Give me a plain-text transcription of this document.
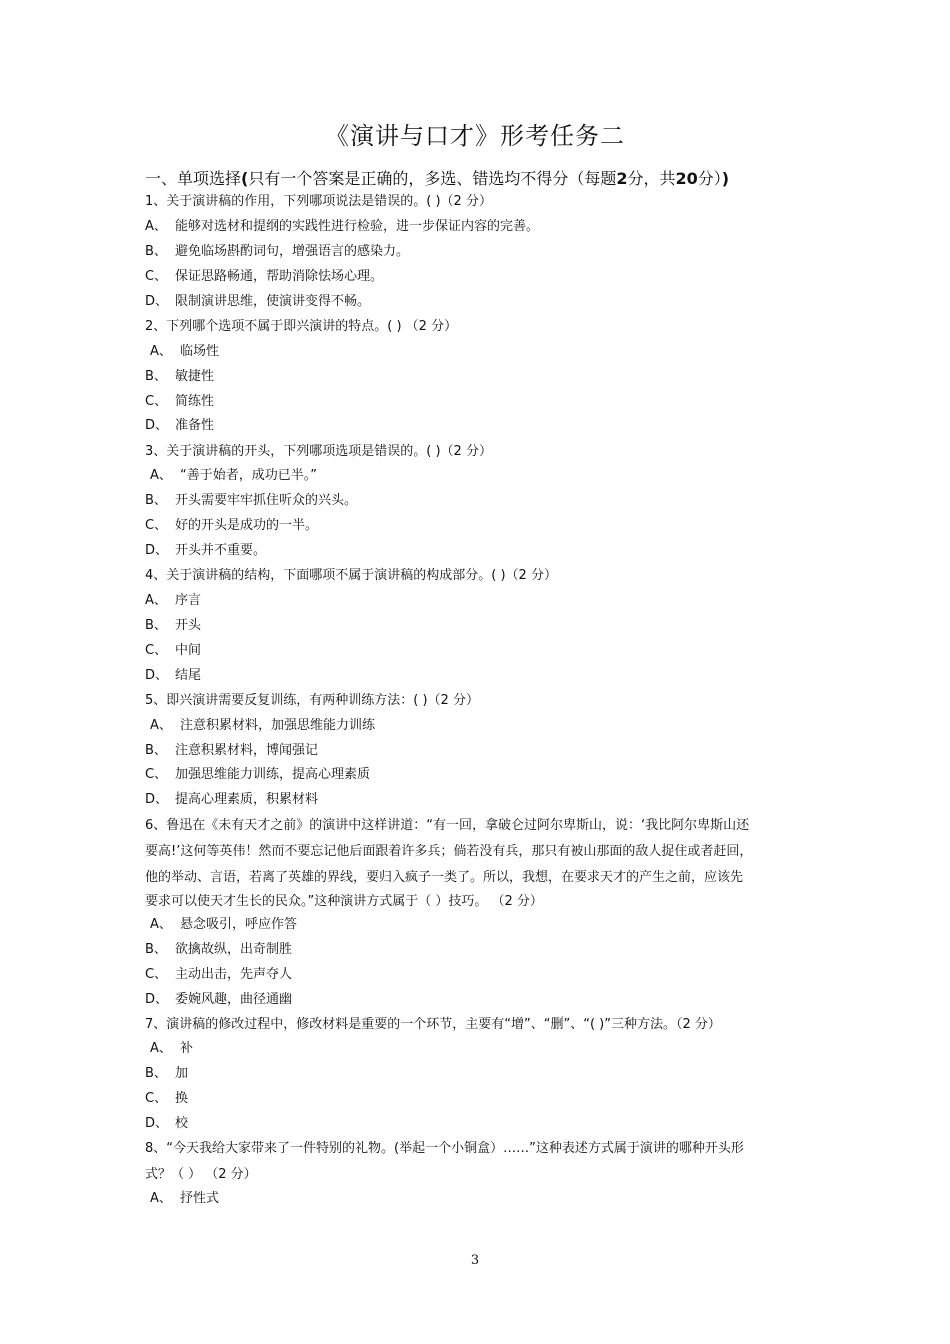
《演讲与口才》形考任务二
一、单项选择(只有一个答案是正确的，多选、错选均不得分（每题2分，共20分）)
1、关于演讲稿的作用，下列哪项说法是错误的。( )（2 分）
A、 能够对选材和提纲的实践性进行检验，进一步保证内容的完善。
B、 避免临场斟酌词句，增强语言的感染力。
C、 保证思路畅通，帮助消除怯场心理。
D、 限制演讲思维，使演讲变得不畅。
2、下列哪个选项不属于即兴演讲的特点。( ) （2 分）
A、 临场性
B、 敏捷性
C、 简练性
D、 准备性
3、关于演讲稿的开头，下列哪项选项是错误的。( )（2 分）
A、 “善于始者，成功已半。”
B、 开头需要牢牢抓住听众的兴头。
C、 好的开头是成功的一半。
D、 开头并不重要。
4、关于演讲稿的结构，下面哪项不属于演讲稿的构成部分。( )（2 分）
A、 序言
B、 开头
C、 中间
D、 结尾
5、即兴演讲需要反复训练，有两种训练方法：( )（2 分）
A、 注意积累材料，加强思维能力训练
B、 注意积累材料，博闻强记
C、 加强思维能力训练，提高心理素质
D、 提高心理素质，积累材料
6、鲁迅在《未有天才之前》的演讲中这样讲道：“有一回，拿破仑过阿尔卑斯山，说：‘我比阿尔卑斯山还
要高!’这何等英伟！然而不要忘记他后面跟着许多兵；倘若没有兵，那只有被山那面的敌人捉住或者赶回，
他的举动、言语，若离了英雄的界线，要归入疯子一类了。所以，我想，在要求天才的产生之前，应该先
要求可以使天才生长的民众。”这种演讲方式属于（ ）技巧。 （2 分）
A、 悬念吸引，呼应作答
B、 欲擒故纵，出奇制胜
C、 主动出击，先声夺人
D、 委婉风趣，曲径通幽
7、演讲稿的修改过程中，修改材料是重要的一个环节，主要有“增”、“删”、“( )”三种方法。（2 分）
A、 补
B、 加
C、 换
D、 校
8、“今天我给大家带来了一件特别的礼物。(举起一个小铜盒）……”这种表述方式属于演讲的哪种开头形
式？（ ） （2 分）
A、 抒性式
3
